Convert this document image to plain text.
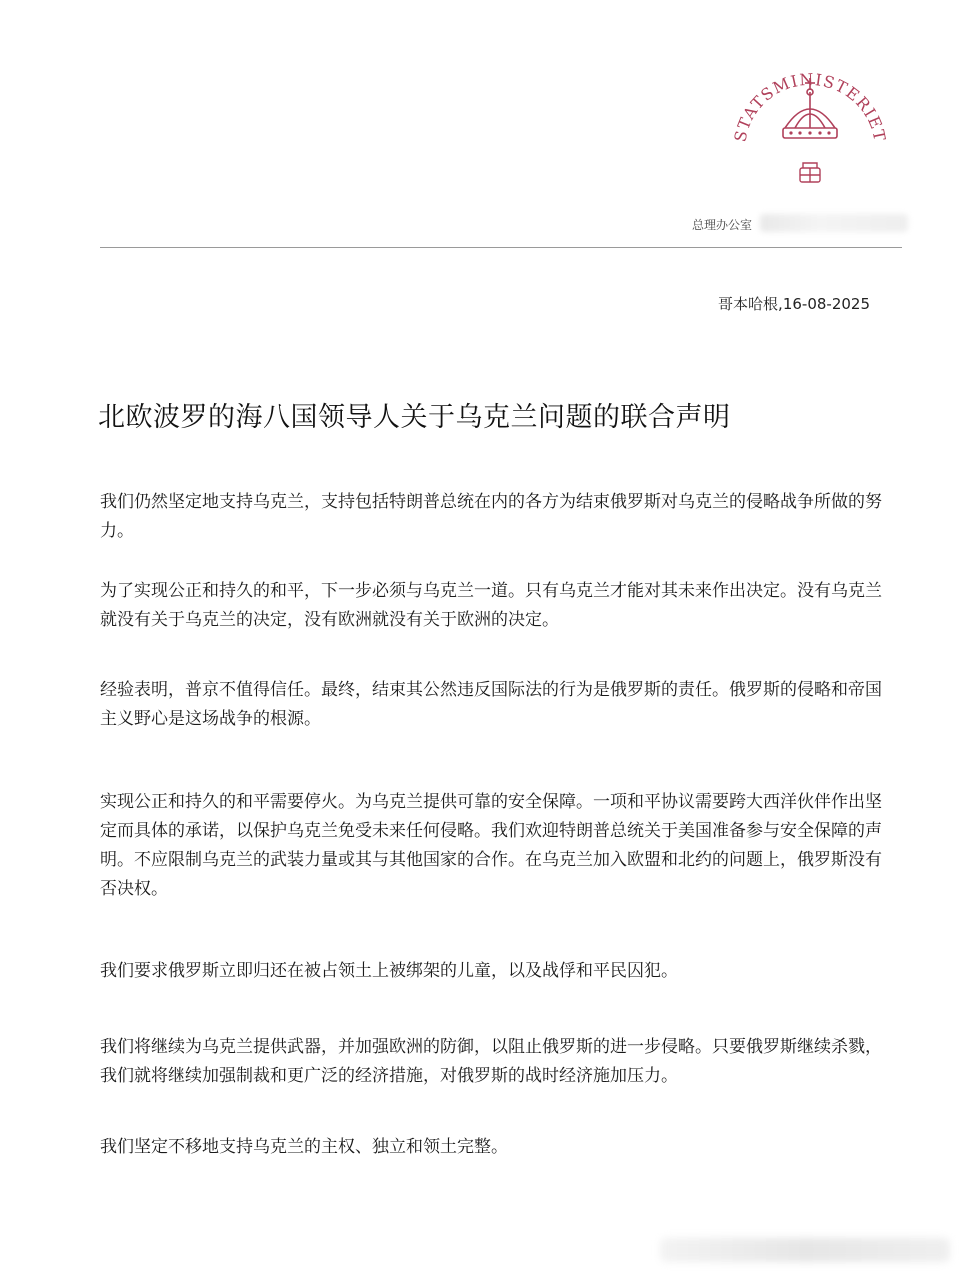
STATSMINISTERIET
总理办公室
哥本哈根,16-08-2025
北欧波罗的海八国领导人关于乌克兰问题的联合声明

我们仍然坚定地支持乌克兰，支持包括特朗普总统在内的各方为结束俄罗斯对乌克兰的侵略战争所做的努力。

为了实现公正和持久的和平，下一步必须与乌克兰一道。只有乌克兰才能对其未来作出决定。没有乌克兰就没有关于乌克兰的决定，没有欧洲就没有关于欧洲的决定。

经验表明，普京不值得信任。最终，结束其公然违反国际法的行为是俄罗斯的责任。俄罗斯的侵略和帝国主义野心是这场战争的根源。

实现公正和持久的和平需要停火。为乌克兰提供可靠的安全保障。一项和平协议需要跨大西洋伙伴作出坚定而具体的承诺，以保护乌克兰免受未来任何侵略。我们欢迎特朗普总统关于美国准备参与安全保障的声明。不应限制乌克兰的武装力量或其与其他国家的合作。在乌克兰加入欧盟和北约的问题上，俄罗斯没有否决权。

我们要求俄罗斯立即归还在被占领土上被绑架的儿童，以及战俘和平民囚犯。

我们将继续为乌克兰提供武器，并加强欧洲的防御，以阻止俄罗斯的进一步侵略。只要俄罗斯继续杀戮，我们就将继续加强制裁和更广泛的经济措施，对俄罗斯的战时经济施加压力。

我们坚定不移地支持乌克兰的主权、独立和领土完整。
